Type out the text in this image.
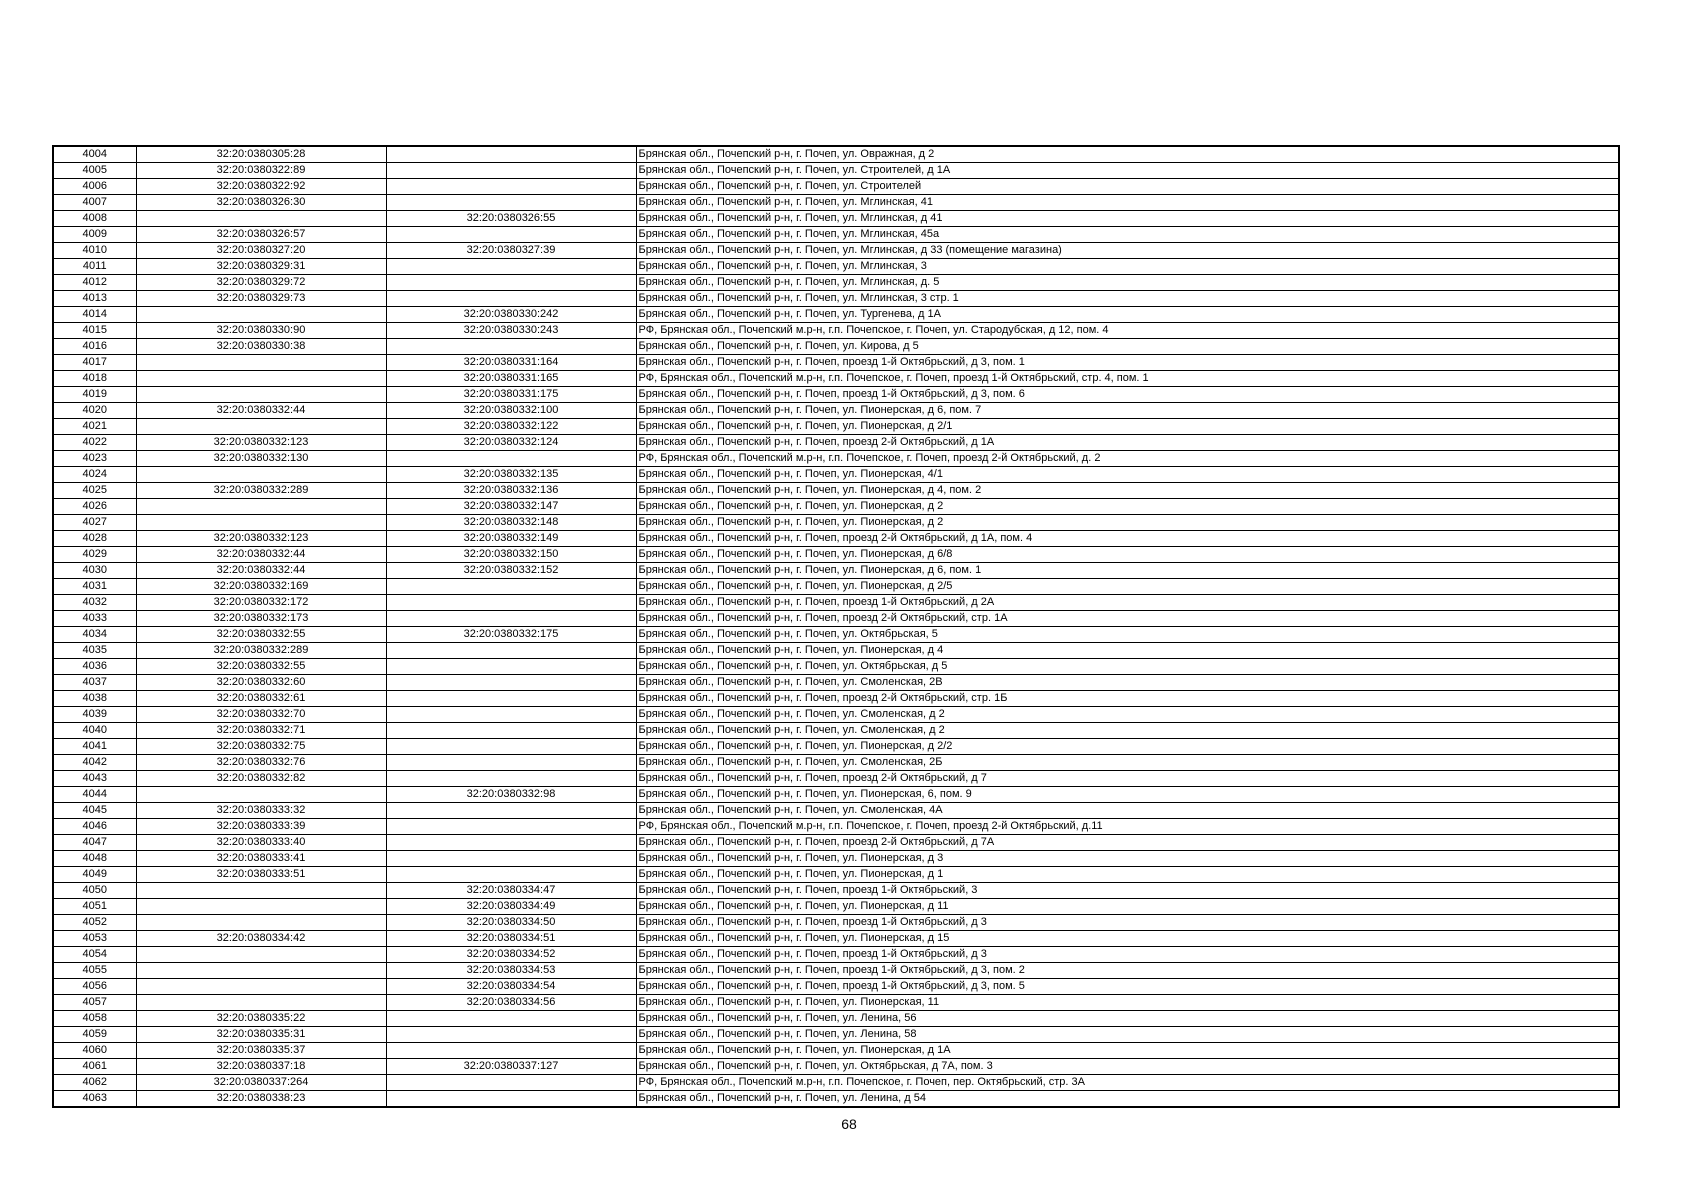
4004	32:20:0380305:28		Брянская обл., Почепский р-н, г. Почеп, ул. Овражная, д 2
4005	32:20:0380322:89		Брянская обл., Почепский р-н, г. Почеп, ул. Строителей, д 1А
4006	32:20:0380322:92		Брянская обл., Почепский р-н, г. Почеп, ул. Строителей
4007	32:20:0380326:30		Брянская обл., Почепский р-н, г. Почеп, ул. Мглинская, 41
4008		32:20:0380326:55	Брянская обл., Почепский р-н, г. Почеп, ул. Мглинская, д 41
4009	32:20:0380326:57		Брянская обл., Почепский р-н, г. Почеп, ул. Мглинская, 45а
4010	32:20:0380327:20	32:20:0380327:39	Брянская обл., Почепский р-н, г. Почеп, ул. Мглинская, д 33 (помещение магазина)
4011	32:20:0380329:31		Брянская обл., Почепский р-н, г. Почеп, ул. Мглинская, 3
4012	32:20:0380329:72		Брянская обл., Почепский р-н, г. Почеп, ул. Мглинская, д. 5
4013	32:20:0380329:73		Брянская обл., Почепский р-н, г. Почеп, ул. Мглинская, 3 стр. 1
4014		32:20:0380330:242	Брянская обл., Почепский р-н, г. Почеп, ул. Тургенева, д 1А
4015	32:20:0380330:90	32:20:0380330:243	РФ, Брянская обл., Почепский м.р-н, г.п. Почепское, г. Почеп, ул. Стародубская, д 12, пом. 4
4016	32:20:0380330:38		Брянская обл., Почепский р-н, г. Почеп, ул. Кирова, д 5
4017		32:20:0380331:164	Брянская обл., Почепский р-н, г. Почеп, проезд 1-й Октябрьский, д 3, пом. 1
4018		32:20:0380331:165	РФ, Брянская обл., Почепский м.р-н, г.п. Почепское, г. Почеп, проезд 1-й Октябрьский, стр. 4, пом. 1
4019		32:20:0380331:175	Брянская обл., Почепский р-н, г. Почеп, проезд 1-й Октябрьский, д 3, пом. 6
4020	32:20:0380332:44	32:20:0380332:100	Брянская обл., Почепский р-н, г. Почеп, ул. Пионерская, д 6, пом. 7
4021		32:20:0380332:122	Брянская обл., Почепский р-н, г. Почеп, ул. Пионерская, д 2/1
4022	32:20:0380332:123	32:20:0380332:124	Брянская обл., Почепский р-н, г. Почеп, проезд 2-й Октябрьский, д 1А
4023	32:20:0380332:130		РФ, Брянская обл., Почепский м.р-н, г.п. Почепское, г. Почеп, проезд 2-й Октябрьский, д. 2
4024		32:20:0380332:135	Брянская обл., Почепский р-н, г. Почеп, ул. Пионерская, 4/1
4025	32:20:0380332:289	32:20:0380332:136	Брянская обл., Почепский р-н, г. Почеп, ул. Пионерская, д 4, пом. 2
4026		32:20:0380332:147	Брянская обл., Почепский р-н, г. Почеп, ул. Пионерская, д 2
4027		32:20:0380332:148	Брянская обл., Почепский р-н, г. Почеп, ул. Пионерская, д 2
4028	32:20:0380332:123	32:20:0380332:149	Брянская обл., Почепский р-н, г. Почеп, проезд 2-й Октябрьский, д 1А, пом. 4
4029	32:20:0380332:44	32:20:0380332:150	Брянская обл., Почепский р-н, г. Почеп, ул. Пионерская, д 6/8
4030	32:20:0380332:44	32:20:0380332:152	Брянская обл., Почепский р-н, г. Почеп, ул. Пионерская, д 6, пом. 1
4031	32:20:0380332:169		Брянская обл., Почепский р-н, г. Почеп, ул. Пионерская, д 2/5
4032	32:20:0380332:172		Брянская обл., Почепский р-н, г. Почеп, проезд 1-й Октябрьский, д 2А
4033	32:20:0380332:173		Брянская обл., Почепский р-н, г. Почеп, проезд 2-й Октябрьский, стр. 1А
4034	32:20:0380332:55	32:20:0380332:175	Брянская обл., Почепский р-н, г. Почеп, ул. Октябрьская, 5
4035	32:20:0380332:289		Брянская обл., Почепский р-н, г. Почеп, ул. Пионерская, д 4
4036	32:20:0380332:55		Брянская обл., Почепский р-н, г. Почеп, ул. Октябрьская, д 5
4037	32:20:0380332:60		Брянская обл., Почепский р-н, г. Почеп, ул. Смоленская, 2В
4038	32:20:0380332:61		Брянская обл., Почепский р-н, г. Почеп, проезд 2-й Октябрьский, стр. 1Б
4039	32:20:0380332:70		Брянская обл., Почепский р-н, г. Почеп, ул. Смоленская, д 2
4040	32:20:0380332:71		Брянская обл., Почепский р-н, г. Почеп, ул. Смоленская, д 2
4041	32:20:0380332:75		Брянская обл., Почепский р-н, г. Почеп, ул. Пионерская, д 2/2
4042	32:20:0380332:76		Брянская обл., Почепский р-н, г. Почеп, ул. Смоленская, 2Б
4043	32:20:0380332:82		Брянская обл., Почепский р-н, г. Почеп, проезд 2-й Октябрьский, д 7
4044		32:20:0380332:98	Брянская обл., Почепский р-н, г. Почеп, ул. Пионерская, 6, пом. 9
4045	32:20:0380333:32		Брянская обл., Почепский р-н, г. Почеп, ул. Смоленская, 4А
4046	32:20:0380333:39		РФ, Брянская обл., Почепский м.р-н, г.п. Почепское, г. Почеп, проезд 2-й Октябрьский, д.11
4047	32:20:0380333:40		Брянская обл., Почепский р-н, г. Почеп, проезд 2-й Октябрьский, д 7А
4048	32:20:0380333:41		Брянская обл., Почепский р-н, г. Почеп, ул. Пионерская, д 3
4049	32:20:0380333:51		Брянская обл., Почепский р-н, г. Почеп, ул. Пионерская, д 1
4050		32:20:0380334:47	Брянская обл., Почепский р-н, г. Почеп, проезд 1-й Октябрьский, 3
4051		32:20:0380334:49	Брянская обл., Почепский р-н, г. Почеп, ул. Пионерская, д 11
4052		32:20:0380334:50	Брянская обл., Почепский р-н, г. Почеп, проезд 1-й Октябрьский, д 3
4053	32:20:0380334:42	32:20:0380334:51	Брянская обл., Почепский р-н, г. Почеп, ул. Пионерская, д 15
4054		32:20:0380334:52	Брянская обл., Почепский р-н, г. Почеп, проезд 1-й Октябрьский, д 3
4055		32:20:0380334:53	Брянская обл., Почепский р-н, г. Почеп, проезд 1-й Октябрьский, д 3, пом. 2
4056		32:20:0380334:54	Брянская обл., Почепский р-н, г. Почеп, проезд 1-й Октябрьский, д 3, пом. 5
4057		32:20:0380334:56	Брянская обл., Почепский р-н, г. Почеп, ул. Пионерская, 11
4058	32:20:0380335:22		Брянская обл., Почепский р-н, г. Почеп, ул. Ленина, 56
4059	32:20:0380335:31		Брянская обл., Почепский р-н, г. Почеп, ул. Ленина, 58
4060	32:20:0380335:37		Брянская обл., Почепский р-н, г. Почеп, ул. Пионерская, д 1А
4061	32:20:0380337:18	32:20:0380337:127	Брянская обл., Почепский р-н, г. Почеп, ул. Октябрьская, д 7А, пом. 3
4062	32:20:0380337:264		РФ, Брянская обл., Почепский м.р-н, г.п. Почепское, г. Почеп, пер. Октябрьский, стр. 3А
4063	32:20:0380338:23		Брянская обл., Почепский р-н, г. Почеп, ул. Ленина, д 54
68
